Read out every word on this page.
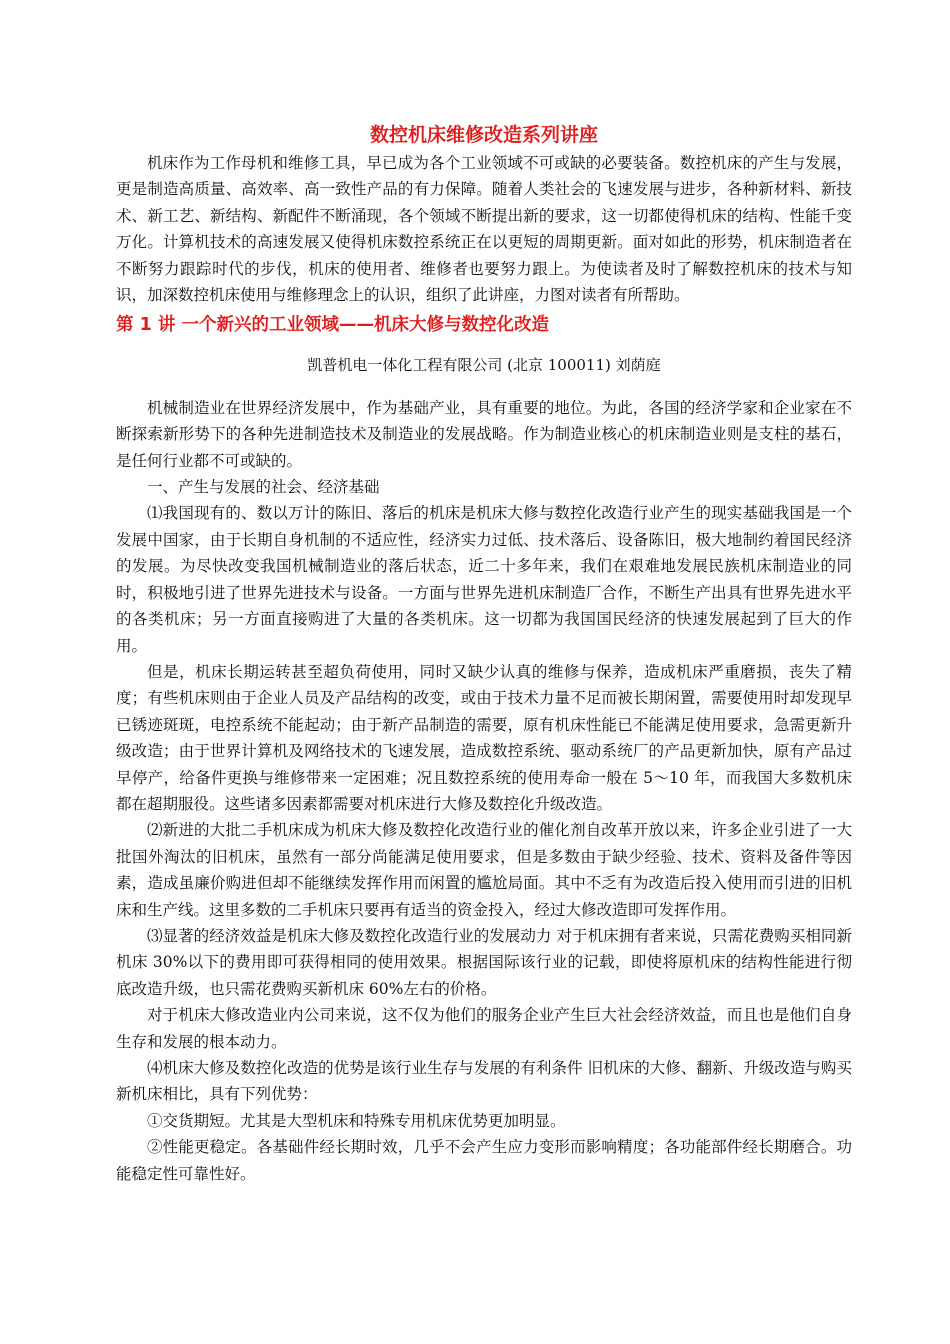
数控机床维修改造系列讲座

机床作为工作母机和维修工具，早已成为各个工业领域不可或缺的必要装备。数控机床的产生与发展，更是制造高质量、高效率、高一致性产品的有力保障。随着人类社会的飞速发展与进步，各种新材料、新技术、新工艺、新结构、新配件不断涌现，各个领域不断提出新的要求，这一切都使得机床的结构、性能千变万化。计算机技术的高速发展又使得机床数控系统正在以更短的周期更新。面对如此的形势，机床制造者在不断努力跟踪时代的步伐，机床的使用者、维修者也要努力跟上。为使读者及时了解数控机床的技术与知识，加深数控机床使用与维修理念上的认识，组织了此讲座，力图对读者有所帮助。

第 1 讲 一个新兴的工业领域——机床大修与数控化改造
凯普机电一体化工程有限公司 (北京 100011) 刘荫庭

机械制造业在世界经济发展中，作为基础产业，具有重要的地位。为此，各国的经济学家和企业家在不断探索新形势下的各种先进制造技术及制造业的发展战略。作为制造业核心的机床制造业则是支柱的基石，是任何行业都不可或缺的。

一、产生与发展的社会、经济基础

⑴我国现有的、数以万计的陈旧、落后的机床是机床大修与数控化改造行业产生的现实基础我国是一个发展中国家，由于长期自身机制的不适应性，经济实力过低、技术落后、设备陈旧，极大地制约着国民经济的发展。为尽快改变我国机械制造业的落后状态，近二十多年来，我们在艰难地发展民族机床制造业的同时，积极地引进了世界先进技术与设备。一方面与世界先进机床制造厂合作，不断生产出具有世界先进水平的各类机床；另一方面直接购进了大量的各类机床。这一切都为我国国民经济的快速发展起到了巨大的作用。

但是，机床长期运转甚至超负荷使用，同时又缺少认真的维修与保养，造成机床严重磨损，丧失了精度；有些机床则由于企业人员及产品结构的改变，或由于技术力量不足而被长期闲置，需要使用时却发现早已锈迹斑斑，电控系统不能起动；由于新产品制造的需要，原有机床性能已不能满足使用要求，急需更新升级改造；由于世界计算机及网络技术的飞速发展，造成数控系统、驱动系统厂的产品更新加快，原有产品过早停产，给备件更换与维修带来一定困难；况且数控系统的使用寿命一般在 5～10 年，而我国大多数机床都在超期服役。这些诸多因素都需要对机床进行大修及数控化升级改造。

⑵新进的大批二手机床成为机床大修及数控化改造行业的催化剂自改革开放以来，许多企业引进了一大批国外淘汰的旧机床，虽然有一部分尚能满足使用要求，但是多数由于缺少经验、技术、资料及备件等因素，造成虽廉价购进但却不能继续发挥作用而闲置的尴尬局面。其中不乏有为改造后投入使用而引进的旧机床和生产线。这里多数的二手机床只要再有适当的资金投入，经过大修改造即可发挥作用。

⑶显著的经济效益是机床大修及数控化改造行业的发展动力 对于机床拥有者来说，只需花费购买相同新机床 30%以下的费用即可获得相同的使用效果。根据国际该行业的记载，即使将原机床的结构性能进行彻底改造升级，也只需花费购买新机床 60%左右的价格。

对于机床大修改造业内公司来说，这不仅为他们的服务企业产生巨大社会经济效益，而且也是他们自身生存和发展的根本动力。

⑷机床大修及数控化改造的优势是该行业生存与发展的有利条件 旧机床的大修、翻新、升级改造与购买新机床相比，具有下列优势：

①交货期短。尤其是大型机床和特殊专用机床优势更加明显。

②性能更稳定。各基础件经长期时效，几乎不会产生应力变形而影响精度；各功能部件经长期磨合。功能稳定性可靠性好。
